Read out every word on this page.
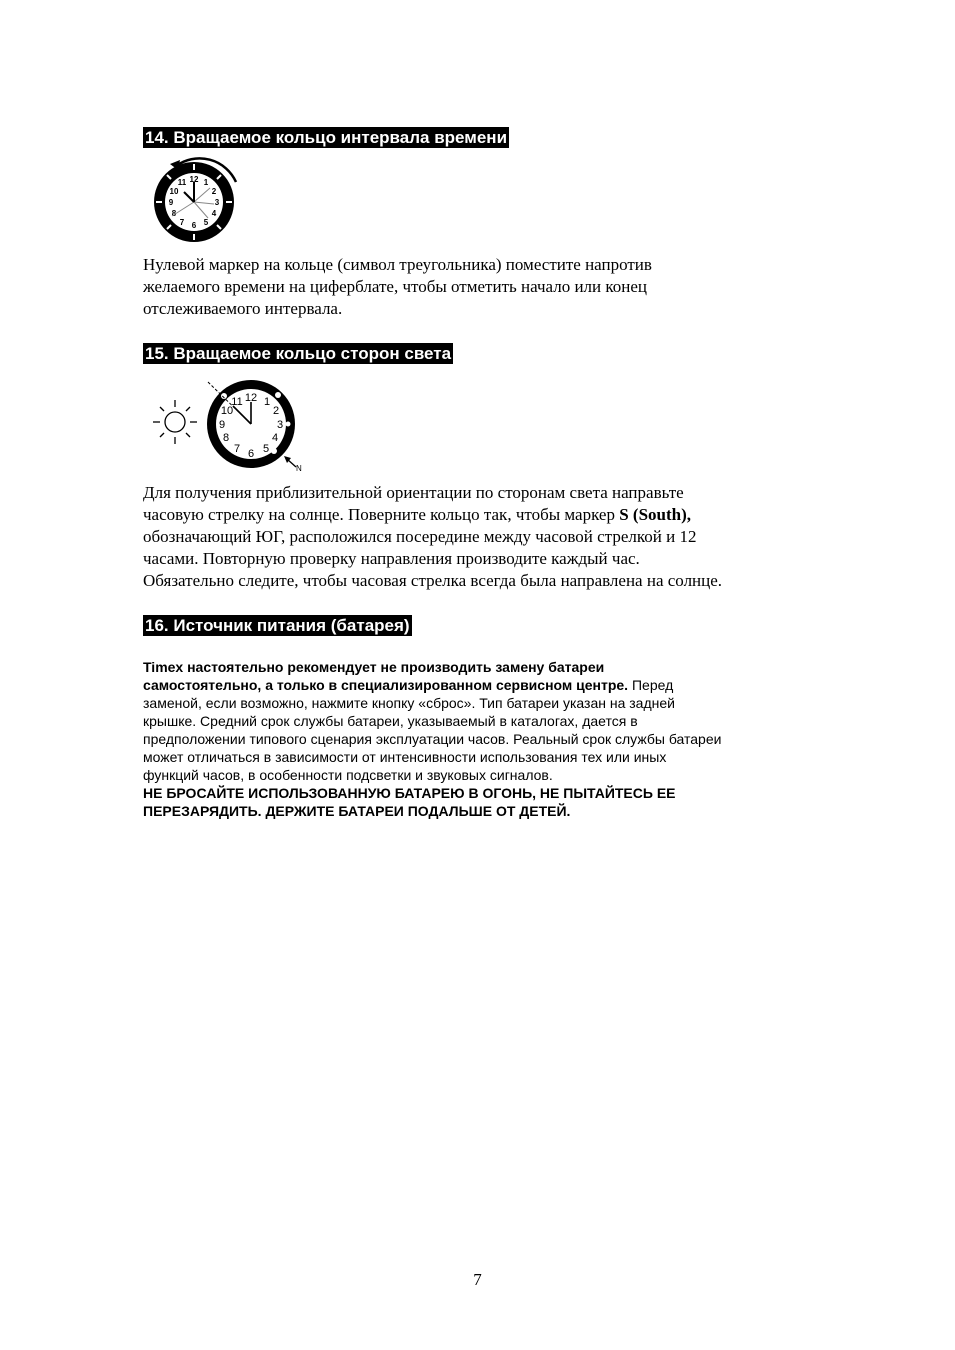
14. Вращаемое кольцо интервала времени
12 1
2
3
4
5
6
7
8
9
10
11

Нулевой маркер на кольце (символ треугольника) поместите напротив

желаемого времени на циферблате, чтобы отметить начало или конец

отслеживаемого интервала.

15. Вращаемое кольцо сторон света
12 1
2
3
4
5
6
7
8
9
10
11
N

Для получения приблизительной ориентации по сторонам света направьте

часовую стрелку на солнце. Поверните кольцо так, чтобы маркер S (South),

обозначающий ЮГ, расположился посередине между часовой стрелкой и 12

часами. Повторную проверку направления производите каждый час.

Обязательно следите, чтобы часовая стрелка всегда была направлена на солнце.

16. Источник питания (батарея)

Timex настоятельно рекомендует не производить замену батареи

самостоятельно, а только в специализированном сервисном центре. Перед

заменой, если возможно, нажмите кнопку «сброс». Тип батареи указан на задней

крышке. Средний срок службы батареи, указываемый в каталогах, дается в

предположении типового сценария эксплуатации часов. Реальный срок службы батареи

может отличаться в зависимости от интенсивности использования тех или иных

функций часов, в особенности подсветки и звуковых сигналов.

НЕ БРОСАЙТЕ ИСПОЛЬЗОВАННУЮ БАТАРЕЮ В ОГОНЬ, НЕ ПЫТАЙТЕСЬ ЕЕ

ПЕРЕЗАРЯДИТЬ. ДЕРЖИТЕ БАТАРЕИ ПОДАЛЬШЕ ОТ ДЕТЕЙ.

7
